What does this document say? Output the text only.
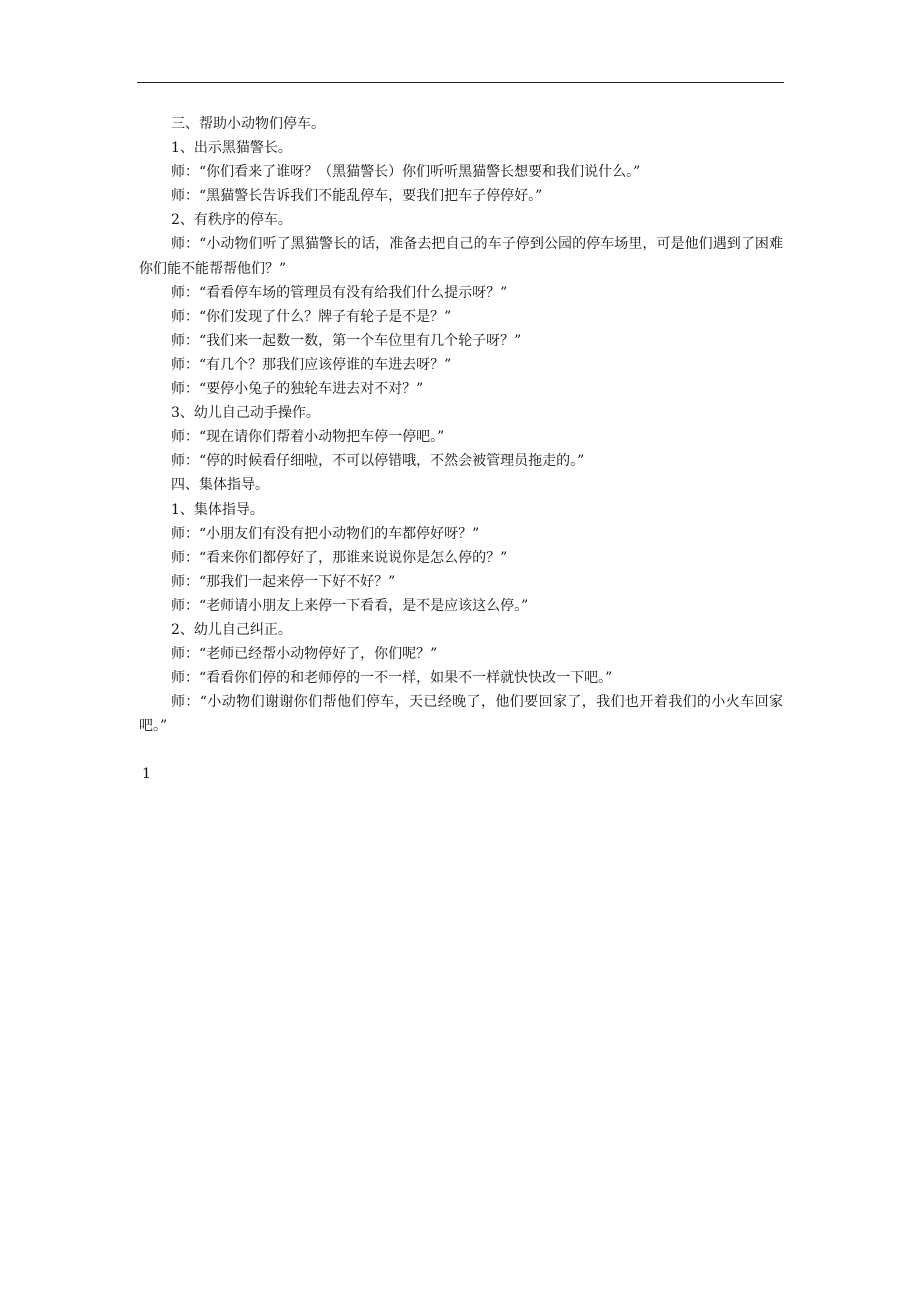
三、帮助小动物们停车。

1、出示黑猫警长。

师：“你们看来了谁呀？（黑猫警长）你们听听黑猫警长想要和我们说什么。”

师：“黑猫警长告诉我们不能乱停车，要我们把车子停停好。”

2、有秩序的停车。

师：“小动物们听了黑猫警长的话，准备去把自己的车子停到公园的停车场里，可是他们遇到了困难你们能不能帮帮他们？”

师：“看看停车场的管理员有没有给我们什么提示呀？”

师：“你们发现了什么？牌子有轮子是不是？”

师：“我们来一起数一数，第一个车位里有几个轮子呀？”

师：“有几个？那我们应该停谁的车进去呀？”

师：“要停小兔子的独轮车进去对不对？”

3、幼儿自己动手操作。

师：“现在请你们帮着小动物把车停一停吧。”

师：“停的时候看仔细啦，不可以停错哦，不然会被管理员拖走的。”

四、集体指导。

1、集体指导。

师：“小朋友们有没有把小动物们的车都停好呀？”

师：“看来你们都停好了，那谁来说说你是怎么停的？”

师：“那我们一起来停一下好不好？”

师：“老师请小朋友上来停一下看看，是不是应该这么停。”

2、幼儿自己纠正。

师：“老师已经帮小动物停好了，你们呢？”

师：“看看你们停的和老师停的一不一样，如果不一样就快快改一下吧。”

师：“小动物们谢谢你们帮他们停车，天已经晚了，他们要回家了，我们也开着我们的小火车回家吧。”

1
